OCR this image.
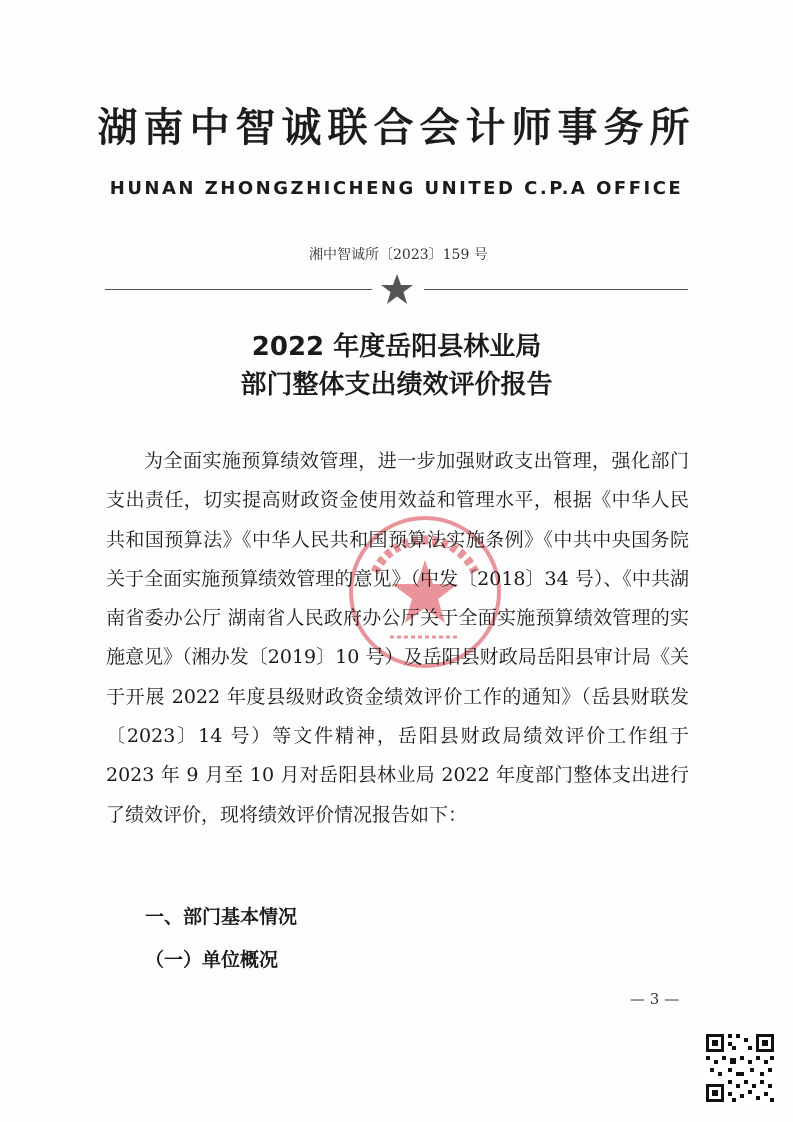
湖南中智诚联合会计师事务所
HUNAN ZHONGZHICHENG UNITED C.P.A OFFICE
湘中智诚所〔2023〕159 号
2022 年度岳阳县林业局
部门整体支出绩效评价报告

为全面实施预算绩效管理，进一步加强财政支出管理，强化部门支出责任，切实提高财政资金使用效益和管理水平，根据《中华人民共和国预算法》《中华人民共和国预算法实施条例》《中共中央国务院关于全面实施预算绩效管理的意见》（中发〔2018〕34 号）、《中共湖南省委办公厅 湖南省人民政府办公厅关于全面实施预算绩效管理的实施意见》（湘办发〔2019〕10 号）及岳阳县财政局岳阳县审计局《关于开展 2022 年度县级财政资金绩效评价工作的通知》（岳县财联发〔2023〕14 号）等文件精神，岳阳县财政局绩效评价工作组于 2023 年 9 月至 10 月对岳阳县林业局 2022 年度部门整体支出进行了绩效评价，现将绩效评价情况报告如下：

一、部门基本情况
（一）单位概况
— 3 —
